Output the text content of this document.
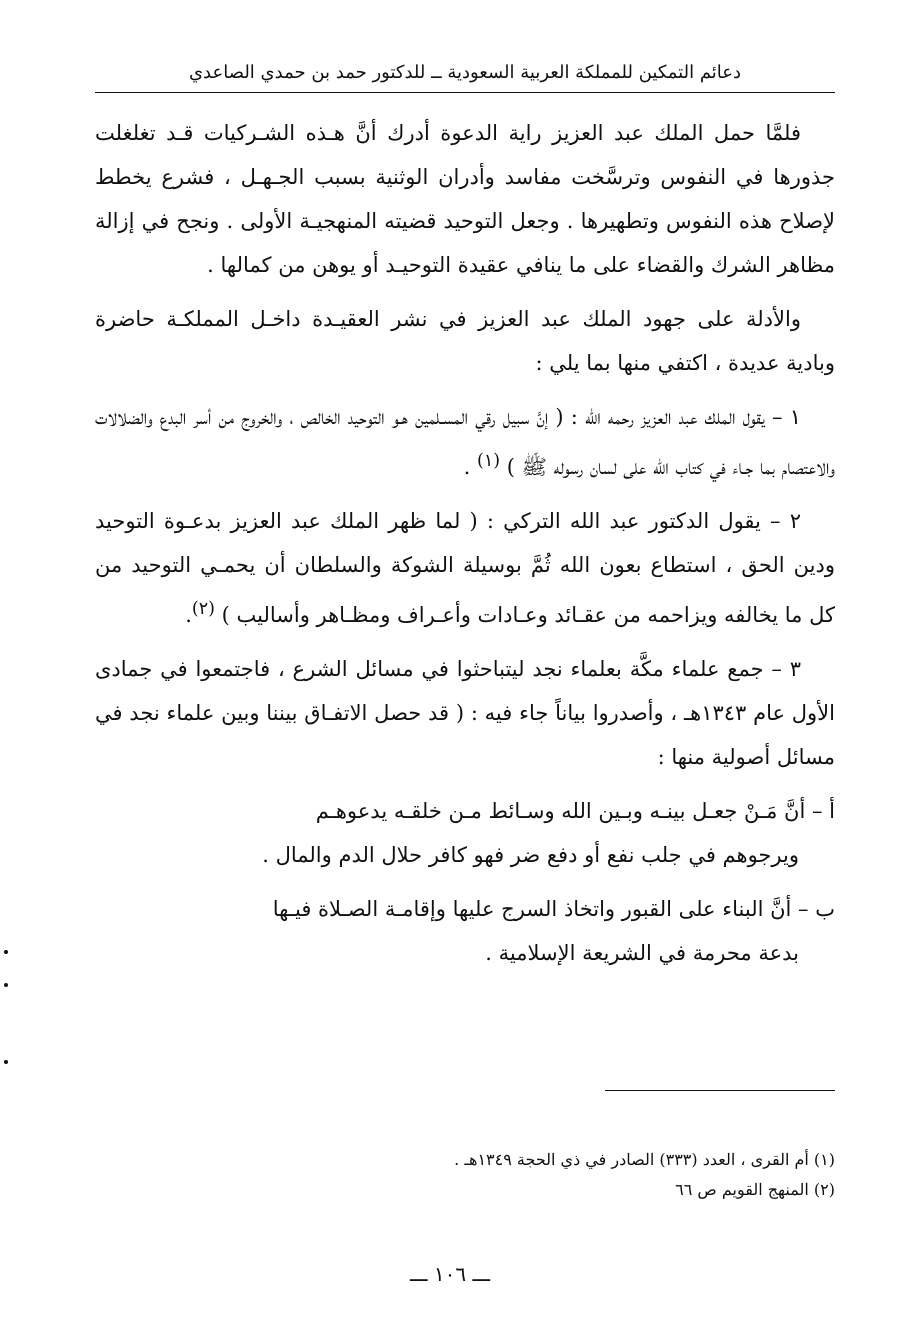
دعائم التمكين للمملكة العربية السعودية ــ للدكتور حمد بن حمدي الصاعدي

فلمَّا حمل الملك عبد العزيز راية الدعوة أدرك أنَّ هـذه الشـركيات قـد تغلغلت جذورها في النفوس وترسَّخت مفاسد وأدران الوثنية بسبب الجـهـل ، فشرع يخطط لإصلاح هذه النفوس وتطهيرها . وجعل التوحيد قضيته المنهجيـة الأولى . ونجح في إزالة مظاهر الشرك والقضاء على ما ينافي عقيدة التوحيـد أو يوهن من كمالها .

والأدلة على جهود الملك عبد العزيز في نشر العقيـدة داخـل المملكـة حاضرة وبادية عديدة ، اكتفي منها بما يلي :

١ – يقول الملك عبد العزيز رحمه الله : ( إنَّ سبيل رقي المسـلمين هـو التوحيد الخالص ، والخروج من أسر البدع والضلالات والاعتصام بما جـاء في كتاب الله على لسان رسوله ﷺ ) $^{(١)}$ .

٢ – يقول الدكتور عبد الله التركي : ( لما ظهر الملك عبد العزيز بدعـوة التوحيد ودين الحق ، استطاع بعون الله ثُمَّ بوسيلة الشوكة والسلطان أن يحمـي التوحيد من كل ما يخالفه ويزاحمه من عقـائد وعـادات وأعـراف ومظـاهر وأساليب ) $^{(٢)}$.

٣ – جمع علماء مكَّة بعلماء نجد ليتباحثوا في مسائل الشرع ، فاجتمعوا في جمادى الأول عام ١٣٤٣هـ ، وأصدروا بياناً جاء فيه : ( قد حصل الاتفـاق بيننا وبين علماء نجد في مسائل أصولية منها :

أ – أنَّ مَـنْ جعـل بينـه وبـين الله وسـائط مـن خلقـه يدعوهـم
ويرجوهم في جلب نفع أو دفع ضر فهو كافر حلال الدم والمال .

ب – أنَّ البناء على القبور واتخاذ السرج عليها وإقامـة الصـلاة فيـها
بدعة محرمة في الشريعة الإسلامية .

(١) أم القرى ، العدد (٣٣٣) الصادر في ذي الحجة ١٣٤٩هـ .
(٢) المنهج القويم ص ٦٦
ـــ ١٠٦ ـــ
